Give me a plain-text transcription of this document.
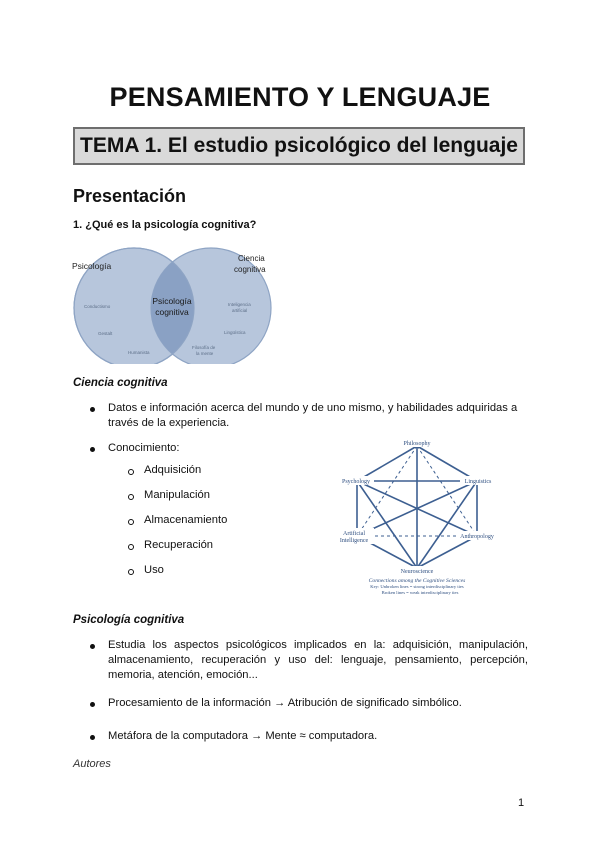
PENSAMIENTO Y LENGUAJE
TEMA 1. El estudio psicológico del lenguaje
Presentación
1. ¿Qué es la psicología cognitiva?
Psicología
Ciencia
cognitiva
Psicología
cognitiva
Conductismo
Gestalt
Humanista
Inteligencia
artificial
Lingüística
Filosofía de
la mente
Ciencia cognitiva
Datos e información acerca del mundo y de uno mismo, y habilidades adquiridas a
través de la experiencia.
Conocimiento:
Adquisición
Manipulación
Almacenamiento
Recuperación
Uso
Philosophy
Psychology	Linguistics
Artificial
Intelligence
Anthropology
Neuroscience
Connections among the Cognitive Sciences
Key: Unbroken lines = strong interdisciplinary ties
Broken lines = weak interdisciplinary ties
Psicología cognitiva
Estudia los aspectos psicológicos implicados en la: adquisición, manipulación,
almacenamiento, recuperación y uso del: lenguaje, pensamiento, percepción,
memoria, atención, emoción...
Procesamiento de la información → Atribución de significado simbólico.
Metáfora de la computadora → Mente ≈ computadora.
Autores
1
